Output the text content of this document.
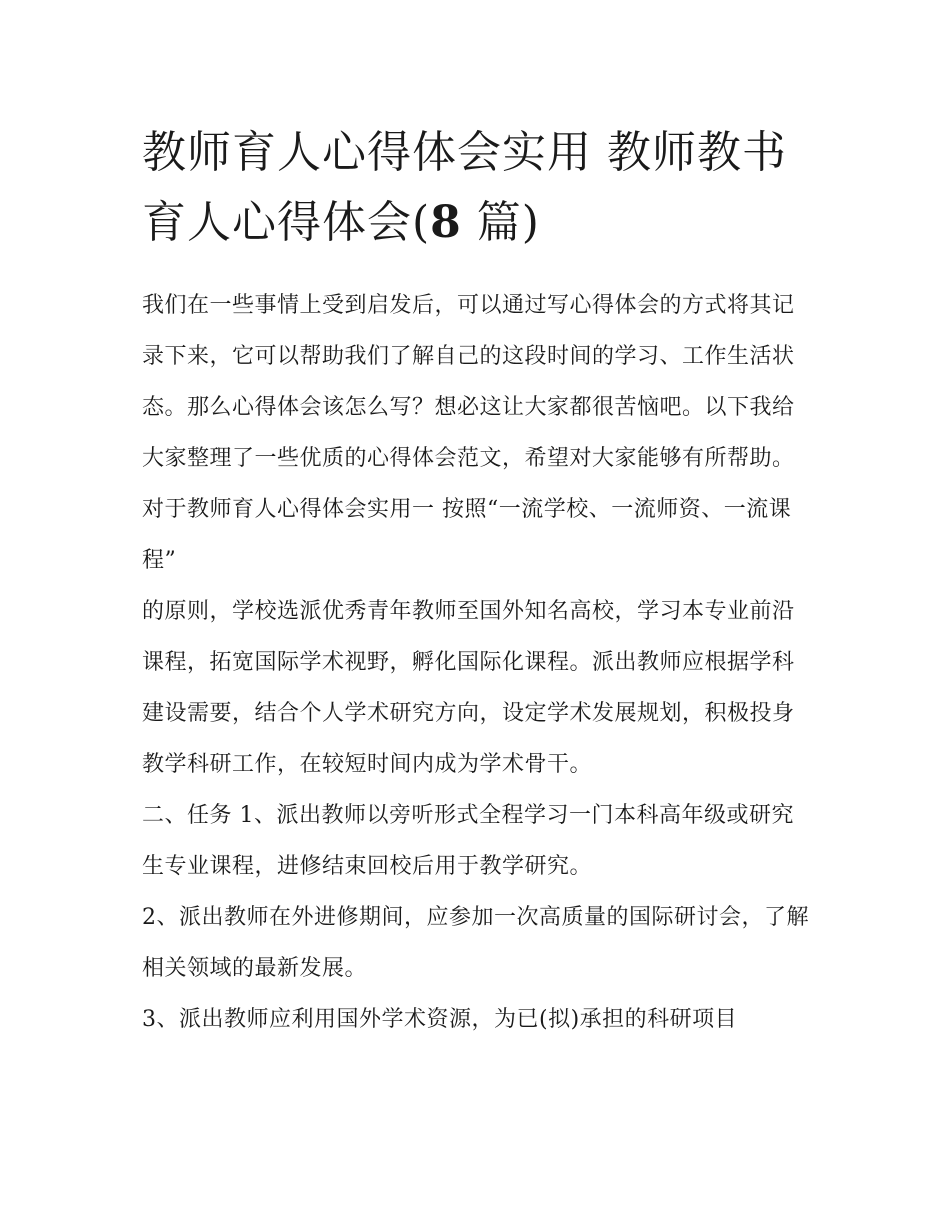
教师育人心得体会实用 教师教书育人心得体会(8 篇)

我们在一些事情上受到启发后，可以通过写心得体会的方式将其记录下来，它可以帮助我们了解自己的这段时间的学习、工作生活状态。那么心得体会该怎么写？想必这让大家都很苦恼吧。以下我给大家整理了一些优质的心得体会范文，希望对大家能够有所帮助。

对于教师育人心得体会实用一 按照“一流学校、一流师资、一流课程”

的原则，学校选派优秀青年教师至国外知名高校，学习本专业前沿课程，拓宽国际学术视野，孵化国际化课程。派出教师应根据学科建设需要，结合个人学术研究方向，设定学术发展规划，积极投身教学科研工作，在较短时间内成为学术骨干。

二、任务 1、派出教师以旁听形式全程学习一门本科高年级或研究生专业课程，进修结束回校后用于教学研究。

2、派出教师在外进修期间，应参加一次高质量的国际研讨会，了解相关领域的最新发展。

3、派出教师应利用国外学术资源，为已(拟)承担的科研项目
